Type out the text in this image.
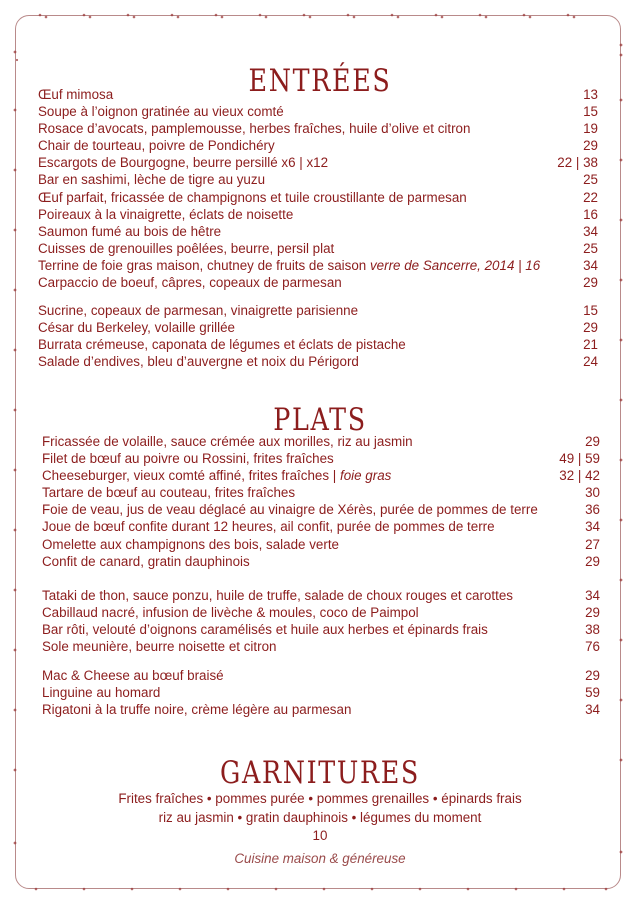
ENTRÉES
Œuf mimosa	13
Soupe à l’oignon gratinée au vieux comté	15
Rosace d’avocats, pamplemousse, herbes fraîches, huile d’olive et citron	19
Chair de tourteau, poivre de Pondichéry	29
Escargots de Bourgogne, beurre persillé x6 | x12	22 | 38
Bar en sashimi, lèche de tigre au yuzu	25
Œuf parfait, fricassée de champignons et tuile croustillante de parmesan	22
Poireaux à la vinaigrette, éclats de noisette	16
Saumon fumé au bois de hêtre	34
Cuisses de grenouilles poêlées, beurre, persil plat	25
Terrine de foie gras maison, chutney de fruits de saison verre de Sancerre, 2014 | 16	34
Carpaccio de boeuf, câpres, copeaux de parmesan	29
Sucrine, copeaux de parmesan, vinaigrette parisienne	15
César du Berkeley, volaille grillée	29
Burrata crémeuse, caponata de légumes et éclats de pistache	21
Salade d’endives, bleu d’auvergne et noix du Périgord	24
PLATS
Fricassée de volaille, sauce crémée aux morilles, riz au jasmin	29
Filet de bœuf au poivre ou Rossini, frites fraîches	49 | 59
Cheeseburger, vieux comté affiné, frites fraîches | foie gras	32 | 42
Tartare de bœuf au couteau, frites fraîches	30
Foie de veau, jus de veau déglacé au vinaigre de Xérès, purée de pommes de terre	36
Joue de bœuf confite durant 12 heures, ail confit, purée de pommes de terre	34
Omelette aux champignons des bois, salade verte	27
Confit de canard, gratin dauphinois	29
Tataki de thon, sauce ponzu, huile de truffe, salade de choux rouges et carottes	34
Cabillaud nacré, infusion de livèche & moules, coco de Paimpol	29
Bar rôti, velouté d’oignons caramélisés et huile aux herbes et épinards frais	38
Sole meunière, beurre noisette et citron	76
Mac & Cheese au bœuf braisé	29
Linguine au homard	59
Rigatoni à la truffe noire, crème légère au parmesan	34
GARNITURES
Frites fraîches • pommes purée • pommes grenailles • épinards frais
riz au jasmin • gratin dauphinois • légumes du moment
10
Cuisine maison & généreuse
